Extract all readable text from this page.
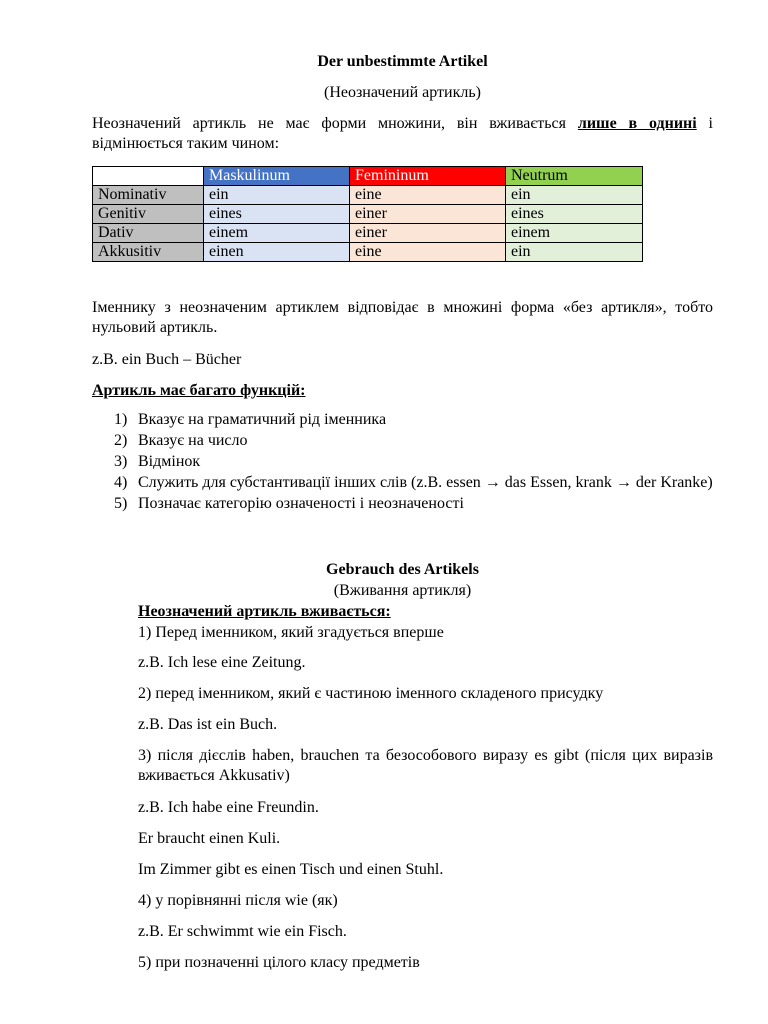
Der unbestimmte Artikel
(Неозначений артикль)
Неозначений артикль не має форми множини, він вживається лише в однині і відмінюється таким чином:
	Maskulinum	Femininum	Neutrum
Nominativ	ein	eine	ein
Genitiv	eines	einer	eines
Dativ	einem	einer	einem
Akkusitiv	einen	eine	ein
Іменнику з неозначеним артиклем відповідає в множині форма «без артикля», тобто нульовий артикль.
z.B. ein Buch – Bücher
Артикль має багато функцій:
1) Вказує на граматичний рід іменника
2) Вказує на число
3) Відмінок
4) Служить для субстантивації інших слів (z.B. essen → das Essen, krank → der Kranke)
5) Позначає категорію означеності і неозначеності
Gebrauch des Artikels
(Вживання артикля)
Неозначений артикль вживається:
1) Перед іменником, який згадується вперше
z.B. Ich lese eine Zeitung.
2) перед іменником, який є частиною іменного складеного присудку
z.B. Das ist ein Buch.
3) після дієслів haben, brauchen та безособового виразу es gibt (після цих виразів вживається Akkusativ)
z.B. Ich habe eine Freundin.
Er braucht einen Kuli.
Im Zimmer gibt es einen Tisch und einen Stuhl.
4) у порівнянні після wie (як)
z.B. Er schwimmt wie ein Fisch.
5) при позначенні цілого класу предметів
